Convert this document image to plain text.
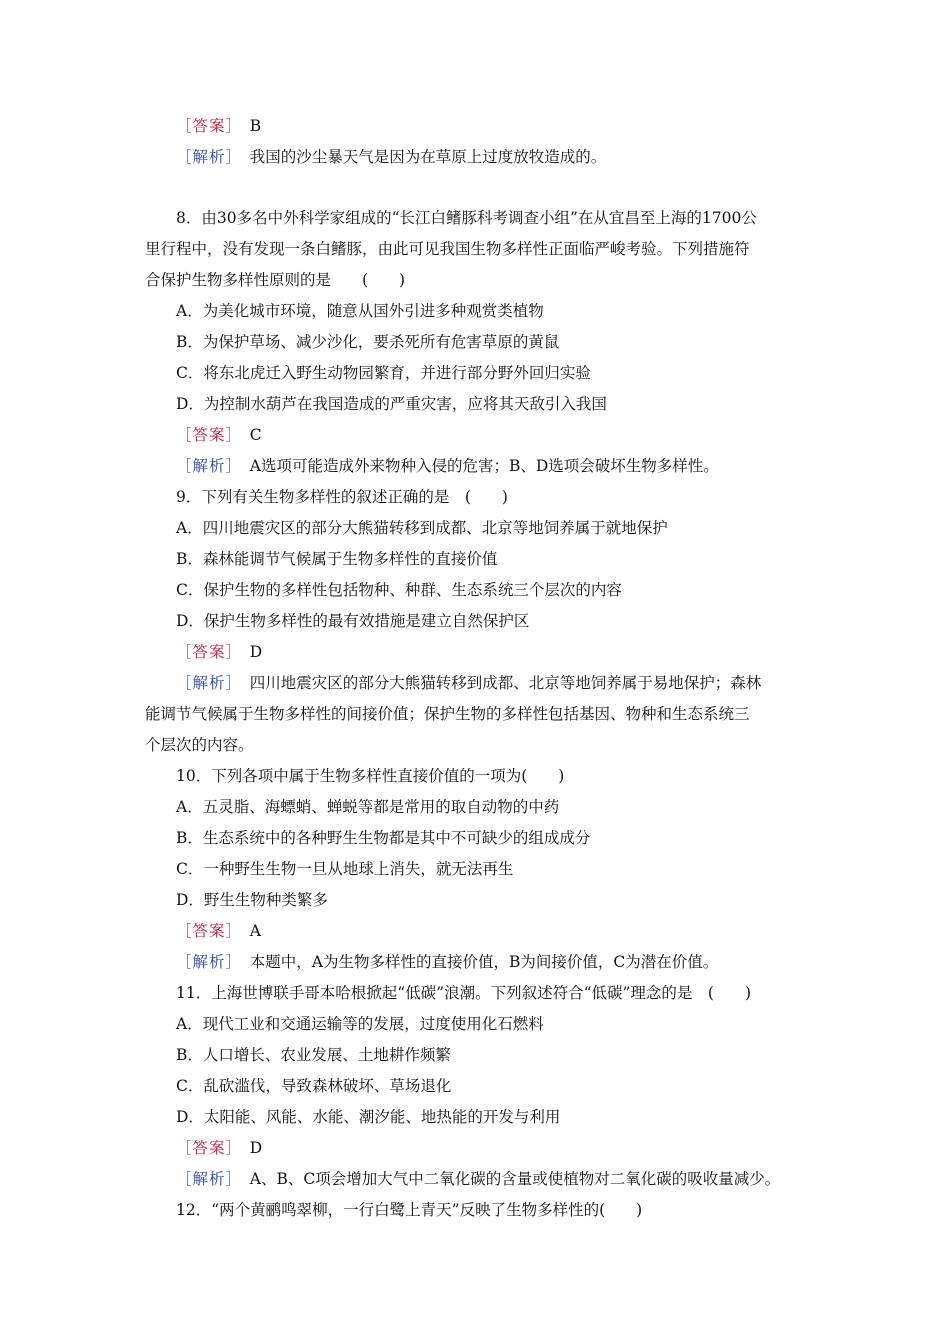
［答案］　B
［解析］　我国的沙尘暴天气是因为在草原上过度放牧造成的。
8．由30多名中外科学家组成的“长江白鳍豚科考调查小组”在从宜昌至上海的1700公
里行程中，没有发现一条白鳍豚，由此可见我国生物多样性正面临严峻考验。下列措施符
合保护生物多样性原则的是　　(　　)
A．为美化城市环境，随意从国外引进多种观赏类植物
B．为保护草场、减少沙化，要杀死所有危害草原的黄鼠
C．将东北虎迁入野生动物园繁育，并进行部分野外回归实验
D．为控制水葫芦在我国造成的严重灾害，应将其天敌引入我国
［答案］　C
［解析］　A选项可能造成外来物种入侵的危害；B、D选项会破坏生物多样性。
9．下列有关生物多样性的叙述正确的是　(　　)
A．四川地震灾区的部分大熊猫转移到成都、北京等地饲养属于就地保护
B．森林能调节气候属于生物多样性的直接价值
C．保护生物的多样性包括物种、种群、生态系统三个层次的内容
D．保护生物多样性的最有效措施是建立自然保护区
［答案］　D
［解析］　四川地震灾区的部分大熊猫转移到成都、北京等地饲养属于易地保护；森林
能调节气候属于生物多样性的间接价值；保护生物的多样性包括基因、物种和生态系统三
个层次的内容。
10．下列各项中属于生物多样性直接价值的一项为(　　)
A．五灵脂、海螵蛸、蝉蜕等都是常用的取自动物的中药
B．生态系统中的各种野生生物都是其中不可缺少的组成成分
C．一种野生生物一旦从地球上消失，就无法再生
D．野生生物种类繁多
［答案］　A
［解析］　本题中，A为生物多样性的直接价值，B为间接价值，C为潜在价值。
11．上海世博联手哥本哈根掀起“低碳”浪潮。下列叙述符合“低碳”理念的是　(　　)
A．现代工业和交通运输等的发展，过度使用化石燃料
B．人口增长、农业发展、土地耕作频繁
C．乱砍滥伐，导致森林破坏、草场退化
D．太阳能、风能、水能、潮汐能、地热能的开发与利用
［答案］　D
［解析］　A、B、C项会增加大气中二氧化碳的含量或使植物对二氧化碳的吸收量减少。
12．“两个黄鹂鸣翠柳，一行白鹭上青天”反映了生物多样性的(　　)
